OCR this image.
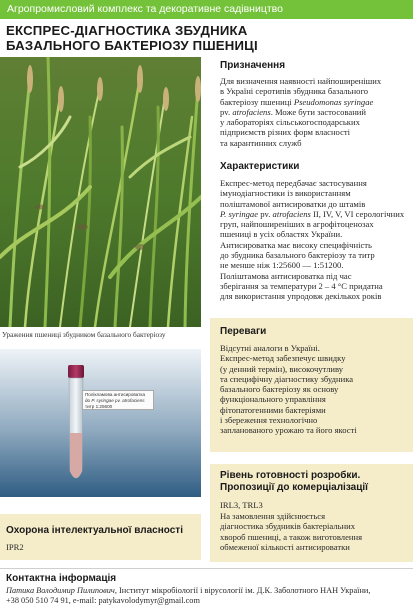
Агропромисловий комплекс та декоративне садівництво
ЕКСПРЕС-ДІАГНОСТИКА ЗБУДНИКА
БАЗАЛЬНОГО БАКТЕРІОЗУ ПШЕНИЦІ
Ураження пшениці збудником базального бактеріозу
Полікламова антисироватка
до P. syringae pv. atrofaciens
титр 1:25600
Призначення
Для визначення наявності найпоширеніших
в Україні серотипів збудника базального
бактеріозу пшениці Pseudomonas syringae
pv. atrofaciens. Може бути застосований
у лабораторіях сільськогосподарських
підприємств різних форм власності
та карантинних служб
Характеристики
Експрес-метод передбачає застосування
імунодіагностики із використанням
поліштамової антисироватки до штамів
P. syringae pv. atrofaciens II, IV, V, VI серологічних
груп, найпоширеніших в агрофітоценозах
пшениці в усіх областях України.
Антисироватка має високу специфічність
до збудника базального бактеріозу та титр
не менше ніж 1:25600 — 1:51200.
Поліштамова антисироватка під час
зберігання за температури 2 – 4 °С придатна
для використання упродовж декількох років
Переваги
Відсутні аналоги в Україні.
Експрес-метод забезпечує швидку
(у денний термін), високочутливу
та специфічну діагностику збудника
базального бактеріозу як основу
функціонального управління
фітопатогенними бактеріями
і збереження технологічно
запланованого урожаю та його якості
Рівень готовності розробки.
Пропозиції до комерціалізації
IRL3, TRL3
На замовлення здійснюється
діагностика збудників бактеріальних
хвороб пшениці, а також виготовлення
обмеженої кількості антисироватки
Охорона інтелектуальної власності
IPR2
Контактна інформація
Патика Володимир Пилипович, Інститут мікробіології і вірусології ім. Д.К. Заболотного НАН України,
+38 050 510 74 91, e-mail: patykavolodymyr@gmail.com
